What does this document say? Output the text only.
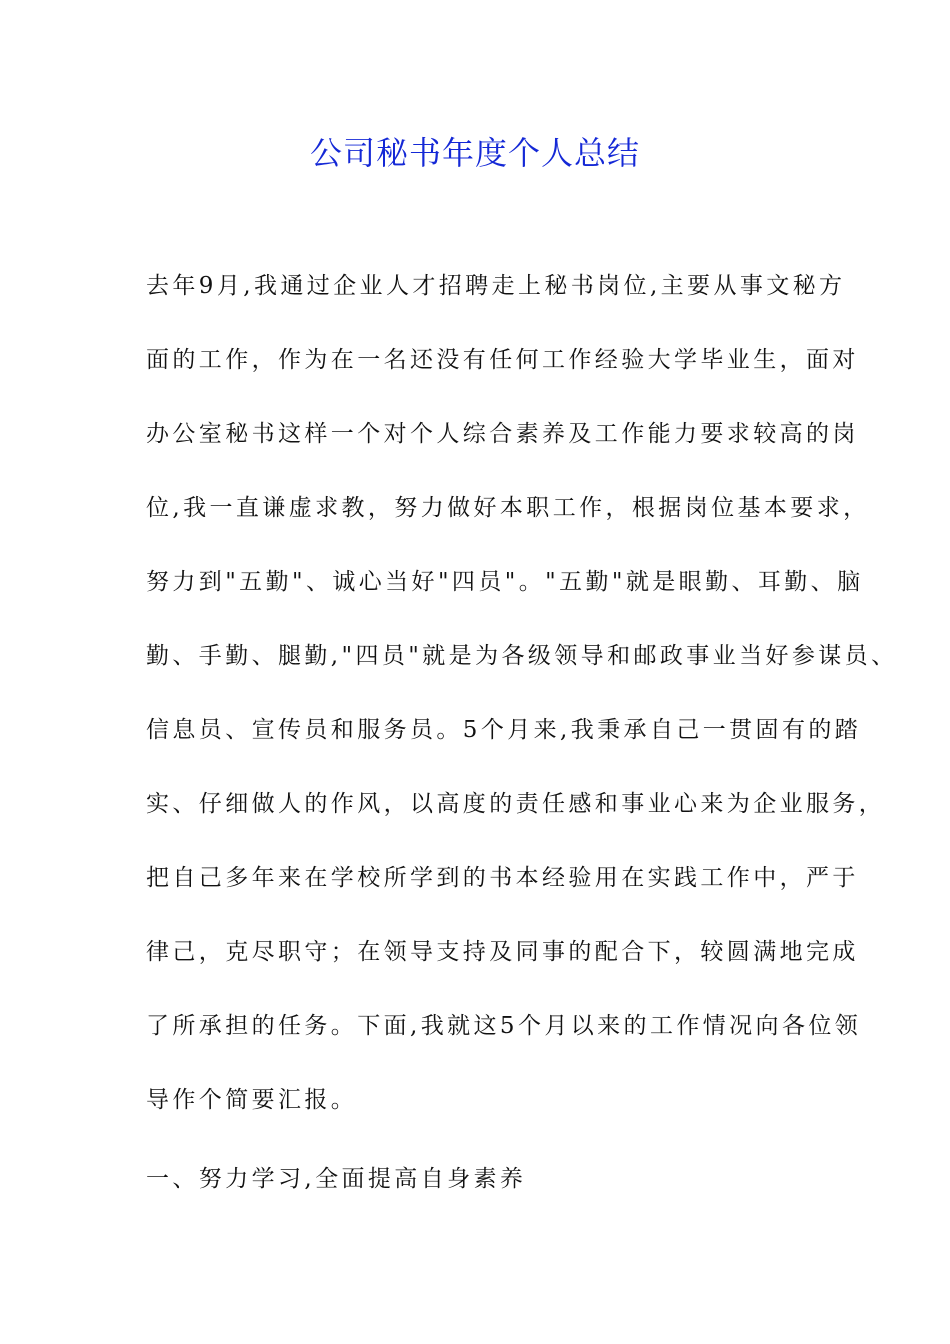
公司秘书年度个人总结
去年9月,我通过企业人才招聘走上秘书岗位,主要从事文秘方
面的工作，作为在一名还没有任何工作经验大学毕业生，面对
办公室秘书这样一个对个人综合素养及工作能力要求较高的岗
位,我一直谦虚求教，努力做好本职工作，根据岗位基本要求，
努力到"五勤"、诚心当好"四员"。"五勤"就是眼勤、耳勤、脑
勤、手勤、腿勤,"四员"就是为各级领导和邮政事业当好参谋员、
信息员、宣传员和服务员。5个月来,我秉承自己一贯固有的踏
实、仔细做人的作风，以高度的责任感和事业心来为企业服务，
把自己多年来在学校所学到的书本经验用在实践工作中，严于
律己，克尽职守；在领导支持及同事的配合下，较圆满地完成
了所承担的任务。下面,我就这5个月以来的工作情况向各位领
导作个简要汇报。
一、努力学习,全面提高自身素养
